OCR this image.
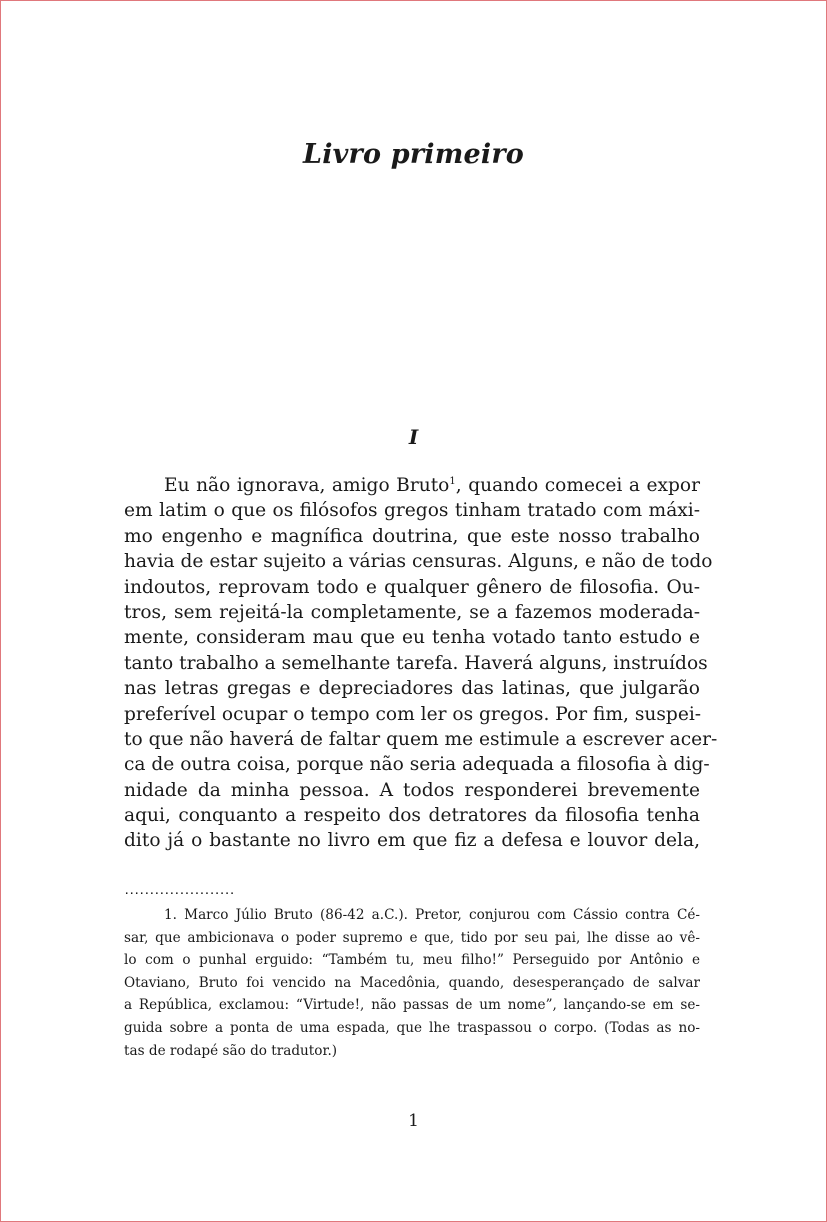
Livro primeiro
I
Eu não ignorava, amigo Bruto$^1$, quando comecei a expor
em latim o que os filósofos gregos tinham tratado com máxi-
mo engenho e magnífica doutrina, que este nosso trabalho
havia de estar sujeito a várias censuras. Alguns, e não de todo
indoutos, reprovam todo e qualquer gênero de filosofia. Ou-
tros, sem rejeitá-la completamente, se a fazemos moderada-
mente, consideram mau que eu tenha votado tanto estudo e
tanto trabalho a semelhante tarefa. Haverá alguns, instruídos
nas letras gregas e depreciadores das latinas, que julgarão
preferível ocupar o tempo com ler os gregos. Por fim, suspei-
to que não haverá de faltar quem me estimule a escrever acer-
ca de outra coisa, porque não seria adequada a filosofia à dig-
nidade da minha pessoa. A todos responderei brevemente
aqui, conquanto a respeito dos detratores da filosofia tenha
dito já o bastante no livro em que fiz a defesa e louvor dela,
......................
1. Marco Júlio Bruto (86-42 a.C.). Pretor, conjurou com Cássio contra Cé-
sar, que ambicionava o poder supremo e que, tido por seu pai, lhe disse ao vê-
lo com o punhal erguido: “Também tu, meu filho!” Perseguido por Antônio e
Otaviano, Bruto foi vencido na Macedônia, quando, desesperançado de salvar
a República, exclamou: “Virtude!, não passas de um nome”, lançando-se em se-
guida sobre a ponta de uma espada, que lhe traspassou o corpo. (Todas as no-
tas de rodapé são do tradutor.)
1
